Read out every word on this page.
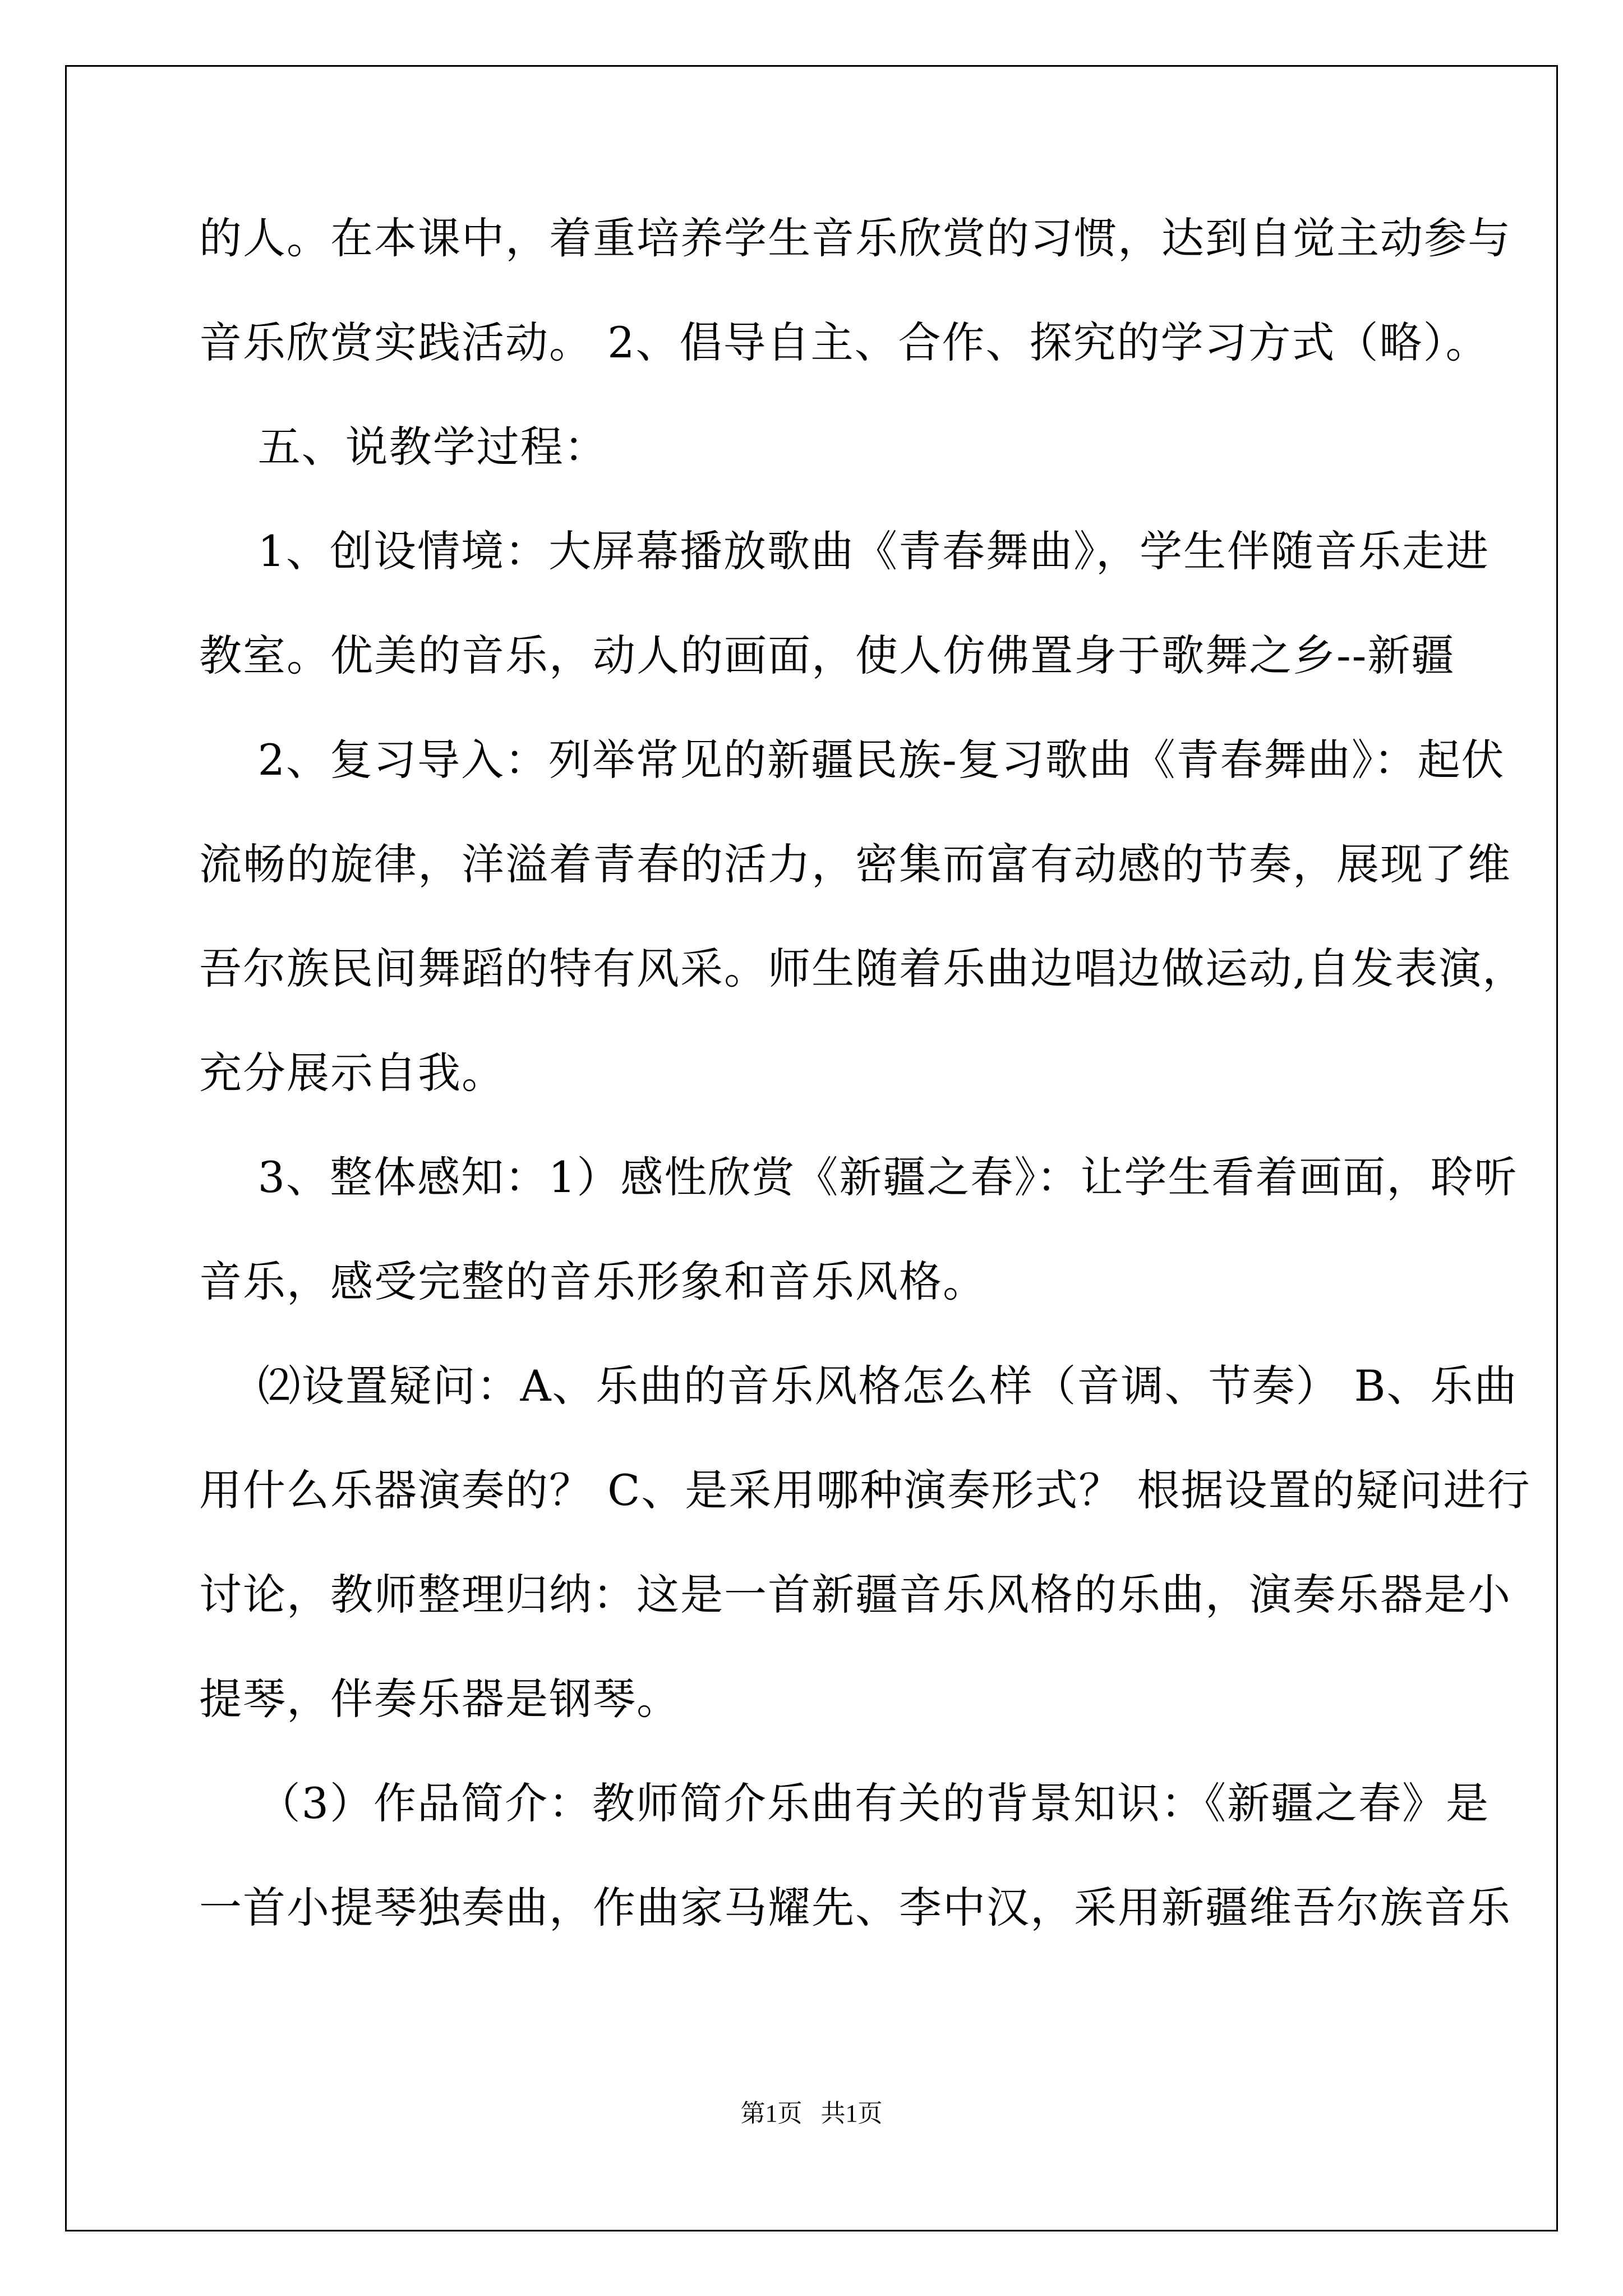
的人。在本课中，着重培养学生音乐欣赏的习惯，达到自觉主动参与
音乐欣赏实践活动。 2、倡导自主、合作、探究的学习方式（略）。
五、说教学过程：
1、创设情境：大屏幕播放歌曲《青春舞曲》，学生伴随音乐走进
教室。优美的音乐，动人的画面，使人仿佛置身于歌舞之乡--新疆
2、复习导入：列举常见的新疆民族-复习歌曲《青春舞曲》：起伏
流畅的旋律，洋溢着青春的活力，密集而富有动感的节奏，展现了维
吾尔族民间舞蹈的特有风采。师生随着乐曲边唱边做运动,自发表演，
充分展示自我。
3、整体感知：1）感性欣赏《新疆之春》：让学生看着画面，聆听
音乐，感受完整的音乐形象和音乐风格。
⑵设置疑问：A、乐曲的音乐风格怎么样（音调、节奏） B、乐曲
用什么乐器演奏的？ C、是采用哪种演奏形式？ 根据设置的疑问进行
讨论，教师整理归纳：这是一首新疆音乐风格的乐曲，演奏乐器是小
提琴，伴奏乐器是钢琴。
（3）作品简介：教师简介乐曲有关的背景知识：《新疆之春》是
一首小提琴独奏曲，作曲家马耀先、李中汉，采用新疆维吾尔族音乐
第1页   共1页
